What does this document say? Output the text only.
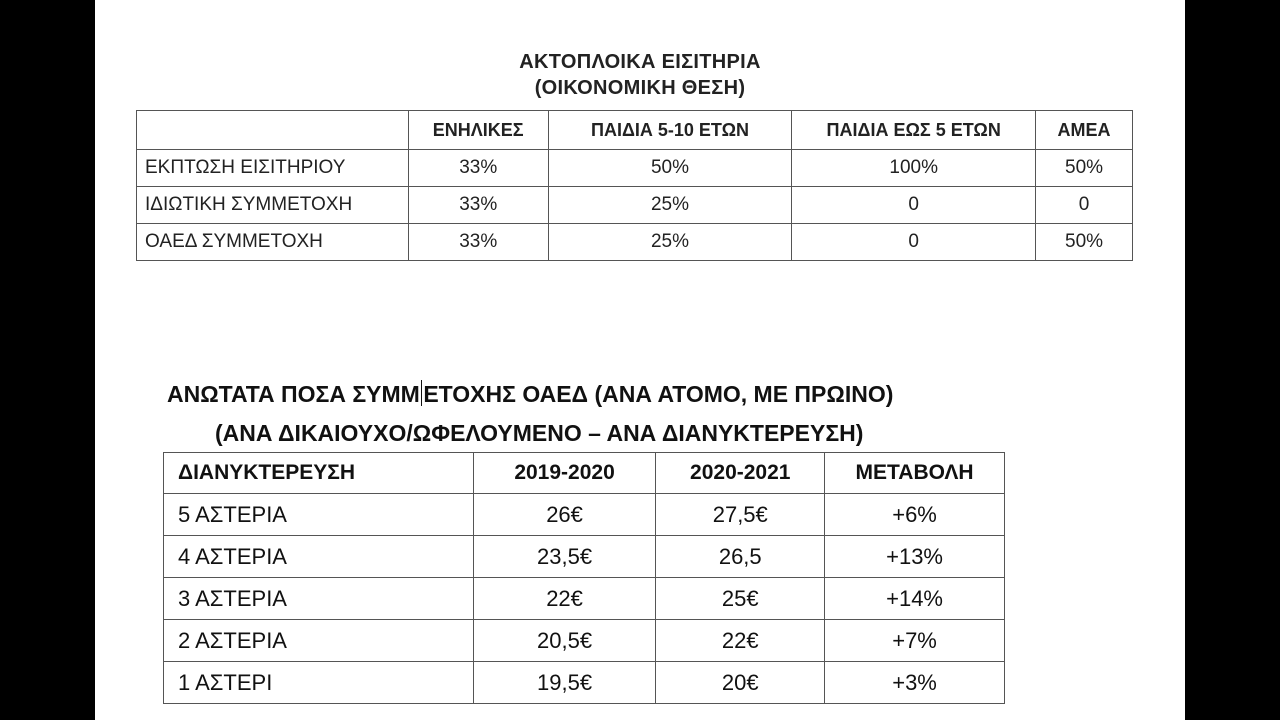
ΑΚΤΟΠΛΟΙΚΑ ΕΙΣΙΤΗΡΙΑ
(ΟΙΚΟΝΟΜΙΚΗ ΘΕΣΗ)
	ΕΝΗΛΙΚΕΣ	ΠΑΙΔΙΑ 5-10 ΕΤΩΝ	ΠΑΙΔΙΑ ΕΩΣ 5 ΕΤΩΝ	ΑΜΕΑ
ΕΚΠΤΩΣΗ ΕΙΣΙΤΗΡΙΟΥ	33%	50%	100%	50%
ΙΔΙΩΤΙΚΗ ΣΥΜΜΕΤΟΧΗ	33%	25%	0	0
ΟΑΕΔ ΣΥΜΜΕΤΟΧΗ	33%	25%	0	50%
ΑΝΩΤΑΤΑ ΠΟΣΑ ΣΥΜΜ ΕΤΟΧΗΣ ΟΑΕΔ (ΑΝΑ ΑΤΟΜΟ, ΜΕ ΠΡΩΙΝΟ)
(ΑΝΑ ΔΙΚΑΙΟΥΧΟ/ΩΦΕΛΟΥΜΕΝΟ – ΑΝΑ ΔΙΑΝΥΚΤΕΡΕΥΣΗ)
ΔΙΑΝΥΚΤΕΡΕΥΣΗ	2019-2020	2020-2021	ΜΕΤΑΒΟΛΗ
5 ΑΣΤΕΡΙΑ	26€	27,5€	+6%
4 ΑΣΤΕΡΙΑ	23,5€	26,5	+13%
3 ΑΣΤΕΡΙΑ	22€	25€	+14%
2 ΑΣΤΕΡΙΑ	20,5€	22€	+7%
1 ΑΣΤΕΡΙ	19,5€	20€	+3%
